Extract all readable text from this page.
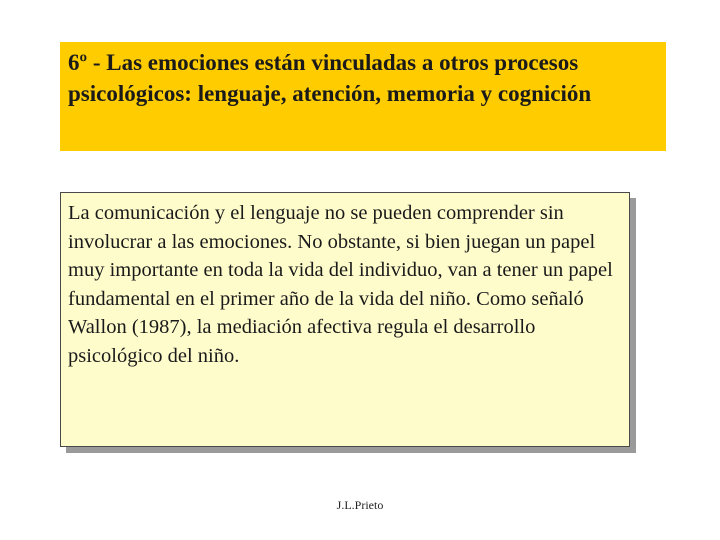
6º - Las emociones están vinculadas a otros procesos psicológicos: lenguaje, atención, memoria y cognición

La comunicación y el lenguaje no se pueden comprender sin involucrar a las emociones. No obstante, si bien juegan un papel muy importante en toda la vida del individuo, van a tener un papel fundamental en el primer año de la vida del niño. Como señaló Wallon (1987), la mediación afectiva regula el desarrollo psicológico del niño.

J.L.Prieto
